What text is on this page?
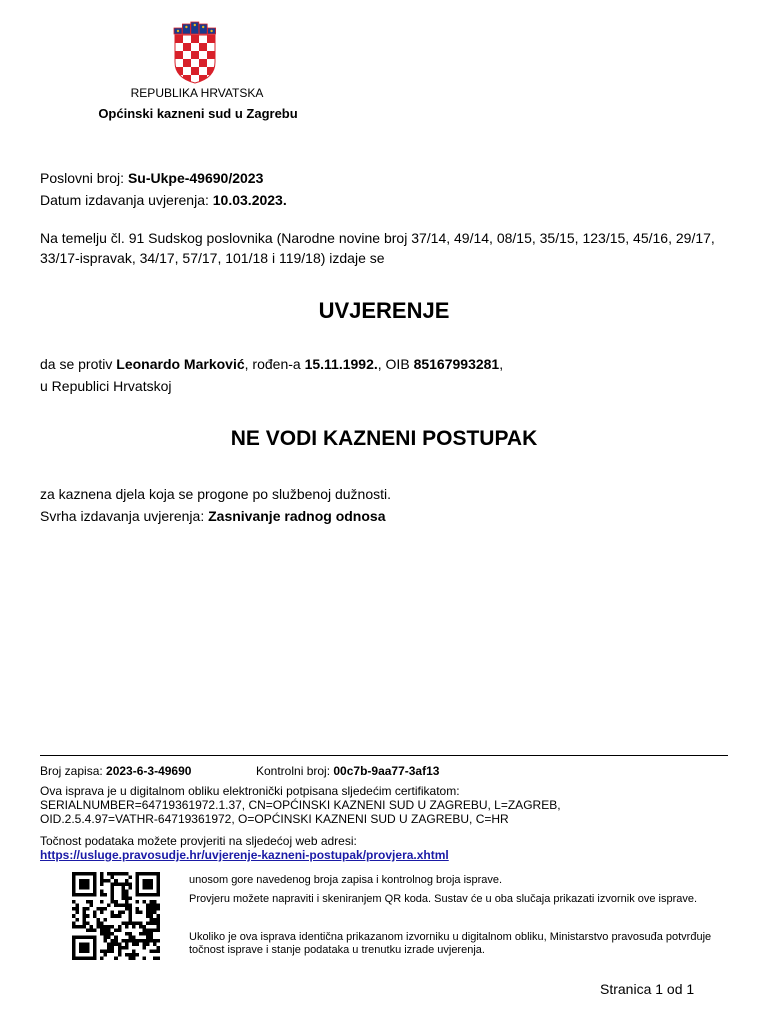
REPUBLIKA HRVATSKA
Općinski kazneni sud u Zagrebu
Poslovni broj: Su-Ukpe-49690/2023
Datum izdavanja uvjerenja: 10.03.2023.
Na temelju čl. 91 Sudskog poslovnika (Narodne novine broj 37/14, 49/14, 08/15, 35/15, 123/15, 45/16, 29/17, 33/17-ispravak, 34/17, 57/17, 101/18 i 119/18) izdaje se
UVJERENJE
da se protiv Leonardo Marković, rođen-a 15.11.1992., OIB 85167993281,
u Republici Hrvatskoj
NE VODI KAZNENI POSTUPAK
za kaznena djela koja se progone po službenoj dužnosti.
Svrha izdavanja uvjerenja: Zasnivanje radnog odnosa
Broj zapisa: 2023-6-3-49690	Kontrolni broj: 00c7b-9aa77-3af13
Ova isprava je u digitalnom obliku elektronički potpisana sljedećim certifikatom:
SERIALNUMBER=64719361972.1.37, CN=OPĆINSKI KAZNENI SUD U ZAGREBU, L=ZAGREB,
OID.2.5.4.97=VATHR-64719361972, O=OPĆINSKI KAZNENI SUD U ZAGREBU, C=HR
Točnost podataka možete provjeriti na sljedećoj web adresi:
https://usluge.pravosudje.hr/uvjerenje-kazneni-postupak/provjera.xhtml
unosom gore navedenog broja zapisa i kontrolnog broja isprave.
Provjeru možete napraviti i skeniranjem QR koda. Sustav će u oba slučaja prikazati izvornik ove isprave.
Ukoliko je ova isprava identična prikazanom izvorniku u digitalnom obliku, Ministarstvo pravosuđa potvrđuje točnost isprave i stanje podataka u trenutku izrade uvjerenja.
Stranica 1 od 1
